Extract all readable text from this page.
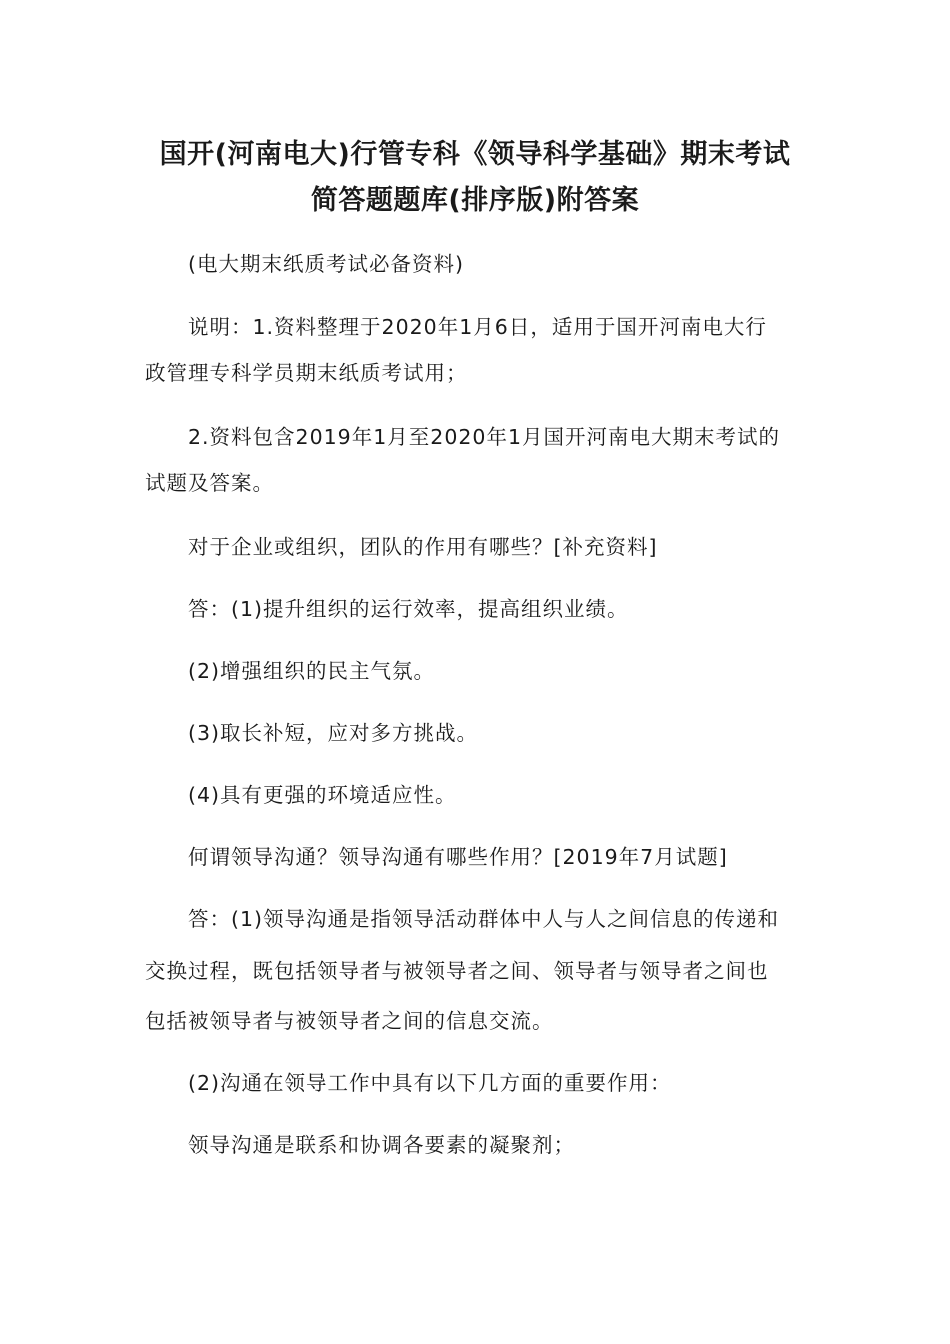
国开(河南电大)行管专科《领导科学基础》期末考试
简答题题库(排序版)附答案
(电大期末纸质考试必备资料)
说明：1.资料整理于2020年1月6日，适用于国开河南电大行
政管理专科学员期末纸质考试用；
2.资料包含2019年1月至2020年1月国开河南电大期末考试的
试题及答案。
对于企业或组织，团队的作用有哪些？[补充资料]
答：(1)提升组织的运行效率，提高组织业绩。
(2)增强组织的民主气氛。
(3)取长补短，应对多方挑战。
(4)具有更强的环境适应性。
何谓领导沟通？领导沟通有哪些作用？[2019年7月试题]
答：(1)领导沟通是指领导活动群体中人与人之间信息的传递和
交换过程，既包括领导者与被领导者之间、领导者与领导者之间也
包括被领导者与被领导者之间的信息交流。
(2)沟通在领导工作中具有以下几方面的重要作用：
领导沟通是联系和协调各要素的凝聚剂；
